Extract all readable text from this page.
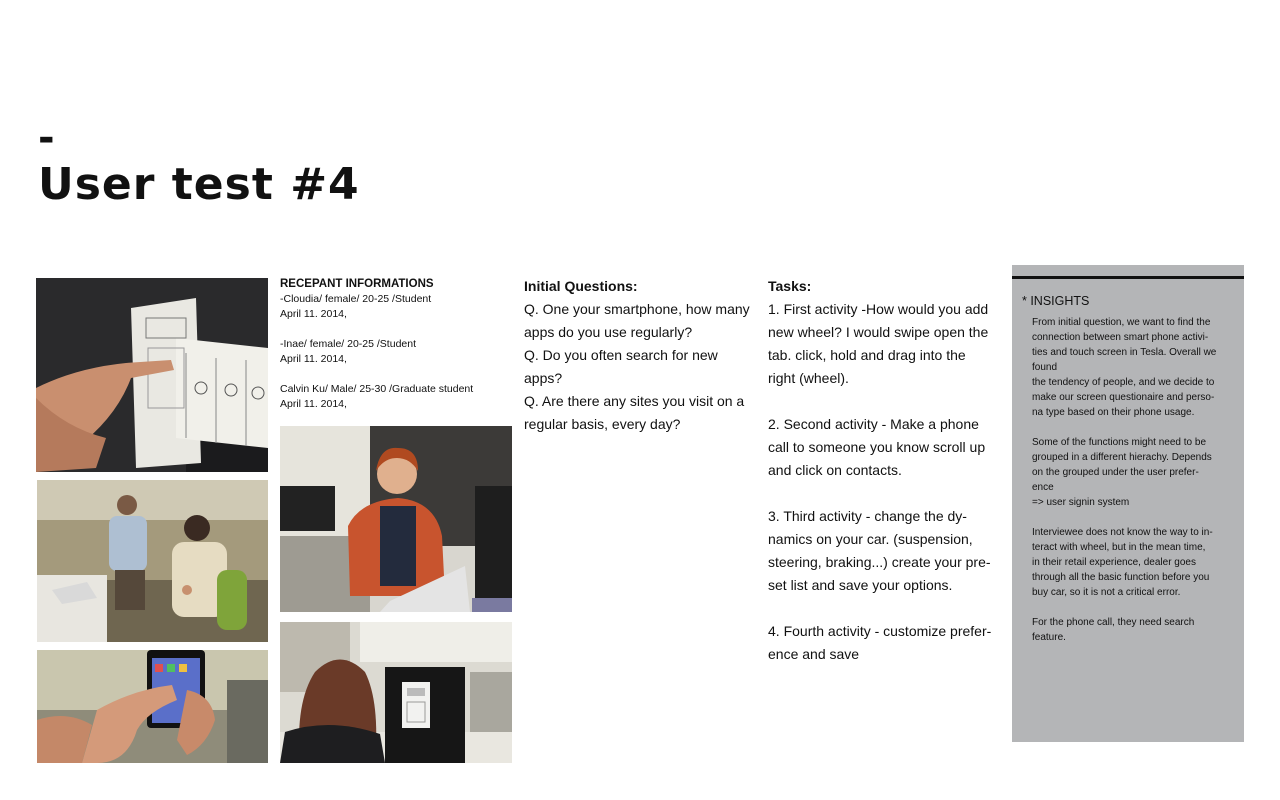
-
User test #4
RECEPANT INFORMATIONS
-Cloudia/ female/ 20-25 /Student
April 11. 2014,
-Inae/ female/ 20-25 /Student
April 11. 2014,
Calvin Ku/ Male/ 25-30 /Graduate student
April 11. 2014,
Initial Questions:
Q. One your smartphone, how many
apps do you use regularly?
Q. Do you often search for new
apps?
Q. Are there any sites you visit on a
regular basis, every day?
Tasks:
1. First activity -How would you add
new wheel? I would swipe open the
tab. click, hold and drag into the
right (wheel).
2. Second activity - Make a phone
call to someone you know scroll up
and click on contacts.
3. Third activity - change the dy-
namics on your car. (suspension,
steering, braking...) create your pre-
set list and save your options.
4. Fourth activity - customize prefer-
ence and save
* INSIGHTS
From initial question, we want to find the
connection between smart phone activi-
ties and touch screen in Tesla. Overall we
found
the tendency of people, and we decide to
make our screen questionaire and perso-
na type based on their phone usage.
Some of the functions might need to be
grouped in a different hierachy. Depends
on the grouped under the user prefer-
ence
=> user signin system
Interviewee does not know the way to in-
teract with wheel, but in the mean time,
in their retail experience, dealer goes
through all the basic function before you
buy car, so it is not a critical error.
For the phone call, they need search
feature.
